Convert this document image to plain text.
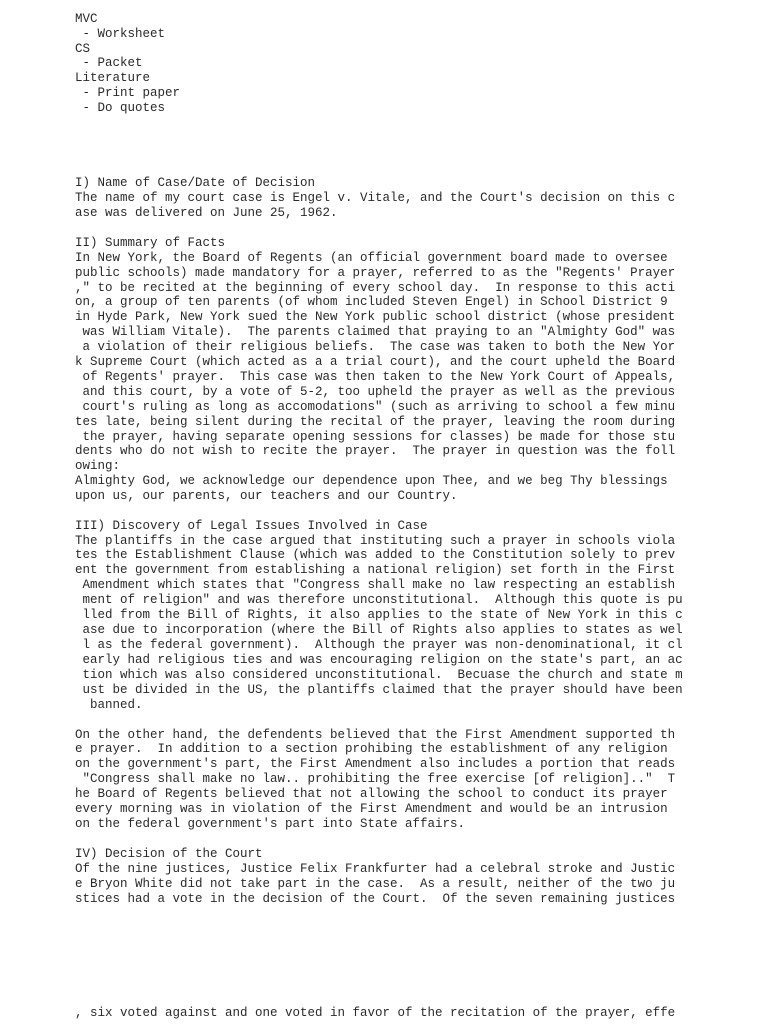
MVC
- Worksheet
CS
- Packet
Literature
- Print paper
- Do quotes
I) Name of Case/Date of Decision
The name of my court case is Engel v. Vitale, and the Court's decision on this c
ase was delivered on June 25, 1962.
II) Summary of Facts
In New York, the Board of Regents (an official government board made to oversee
public schools) made mandatory for a prayer, referred to as the "Regents' Prayer
," to be recited at the beginning of every school day.  In response to this acti
on, a group of ten parents (of whom included Steven Engel) in School District 9
in Hyde Park, New York sued the New York public school district (whose president
was William Vitale).  The parents claimed that praying to an "Almighty God" was
a violation of their religious beliefs.  The case was taken to both the New Yor
k Supreme Court (which acted as a a trial court), and the court upheld the Board
of Regents' prayer.  This case was then taken to the New York Court of Appeals,
and this court, by a vote of 5-2, too upheld the prayer as well as the previous
court's ruling as long as accomodations" (such as arriving to school a few minu
tes late, being silent during the recital of the prayer, leaving the room during
the prayer, having separate opening sessions for classes) be made for those stu
dents who do not wish to recite the prayer.  The prayer in question was the foll
owing:
Almighty God, we acknowledge our dependence upon Thee, and we beg Thy blessings
upon us, our parents, our teachers and our Country.
III) Discovery of Legal Issues Involved in Case
The plantiffs in the case argued that instituting such a prayer in schools viola
tes the Establishment Clause (which was added to the Constitution solely to prev
ent the government from establishing a national religion) set forth in the First
Amendment which states that "Congress shall make no law respecting an establish
ment of religion" and was therefore unconstitutional.  Although this quote is pu
lled from the Bill of Rights, it also applies to the state of New York in this c
ase due to incorporation (where the Bill of Rights also applies to states as wel
l as the federal government).  Although the prayer was non-denominational, it cl
early had religious ties and was encouraging religion on the state's part, an ac
tion which was also considered unconstitutional.  Becuase the church and state m
ust be divided in the US, the plantiffs claimed that the prayer should have been
banned.
On the other hand, the defendents believed that the First Amendment supported th
e prayer.  In addition to a section prohibing the establishment of any religion
on the government's part, the First Amendment also includes a portion that reads
"Congress shall make no law.. prohibiting the free exercise [of religion].."  T
he Board of Regents believed that not allowing the school to conduct its prayer
every morning was in violation of the First Amendment and would be an intrusion
on the federal government's part into State affairs.
IV) Decision of the Court
Of the nine justices, Justice Felix Frankfurter had a celebral stroke and Justic
e Bryon White did not take part in the case.  As a result, neither of the two ju
stices had a vote in the decision of the Court.  Of the seven remaining justices
, six voted against and one voted in favor of the recitation of the prayer, effe
